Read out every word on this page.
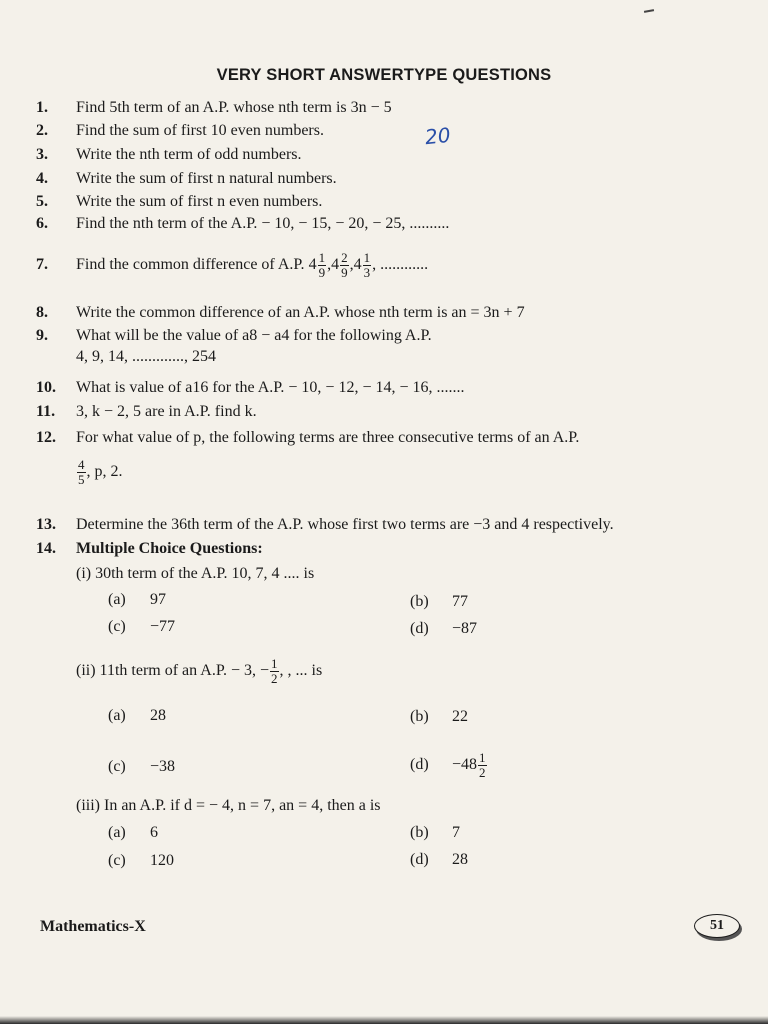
VERY SHORT ANSWERTYPE QUESTIONS
1. Find 5th term of an A.P. whose nth term is 3n − 5
2. Find the sum of first 10 even numbers.	20
3. Write the nth term of odd numbers.
4. Write the sum of first n natural numbers.
5. Write the sum of first n even numbers.
6. Find the nth term of the A.P. − 10, − 15, − 20, − 25, ..........
7. Find the common difference of A.P. $4 \frac{1}{9} ,4 \frac{2}{9} ,4 \frac{1}{3}$ , ............
8. Write the common difference of an A.P. whose nth term is an = 3n + 7
9. What will be the value of a8 − a4 for the following A.P.
4, 9, 14, ............., 254
10. What is value of a16 for the A.P. − 10, − 12, − 14, − 16, .......
11. 3, k − 2, 5 are in A.P. find k.
12. For what value of p, the following terms are three consecutive terms of an A.P.
$\frac{4}{5}$ , p, 2.
13. Determine the 36th term of the A.P. whose first two terms are −3 and 4 respectively.
14. Multiple Choice Questions:
(i) 30th term of the A.P. 10, 7, 4 .... is
(a) 97	(b) 77
(c) −77	(d) −87
(ii) 11th term of an A.P. − 3, − $\frac{1}{2}$ , , ... is
(a) 28	(b) 22
(c) −38	$(d) -48 \frac{1}{2}$
(iii) In an A.P. if d = − 4, n = 7, an = 4, then a is
(a) 6	(b) 7
(c) 120	(d) 28
Mathematics-X	51
